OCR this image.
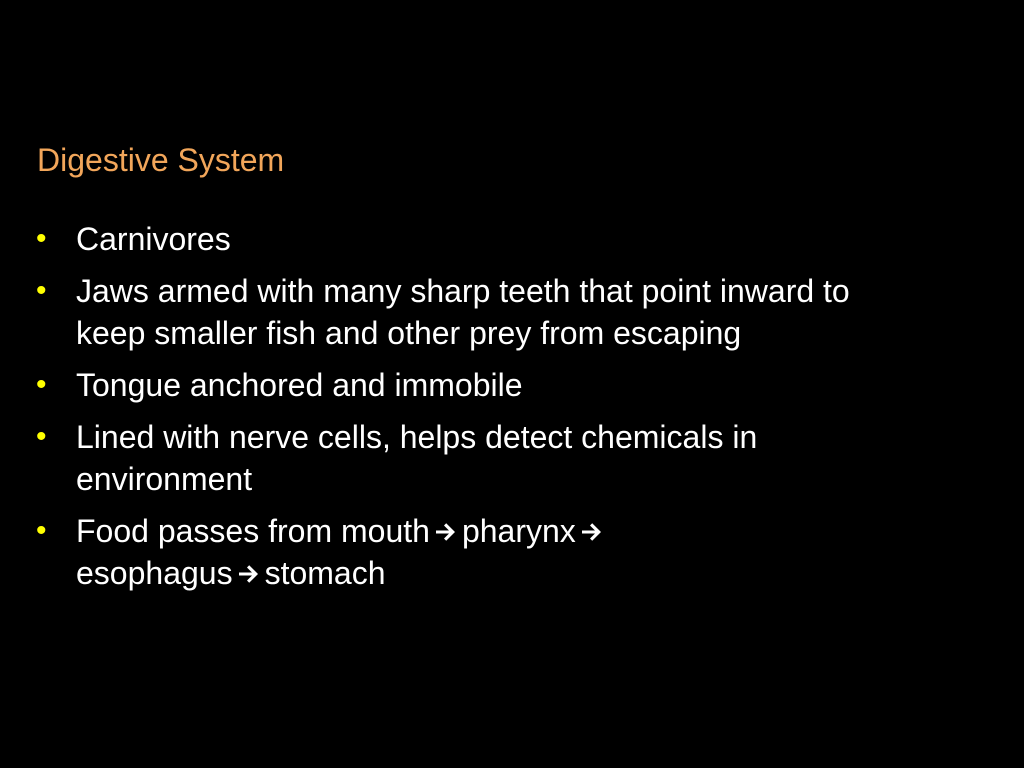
Digestive System
• Carnivores
• Jaws armed with many sharp teeth that point inward to keep smaller fish and other prey from escaping
• Tongue anchored and immobile
• Lined with nerve cells, helps detect chemicals in environment
• Food passes from mouth pharynx
esophagus stomach
